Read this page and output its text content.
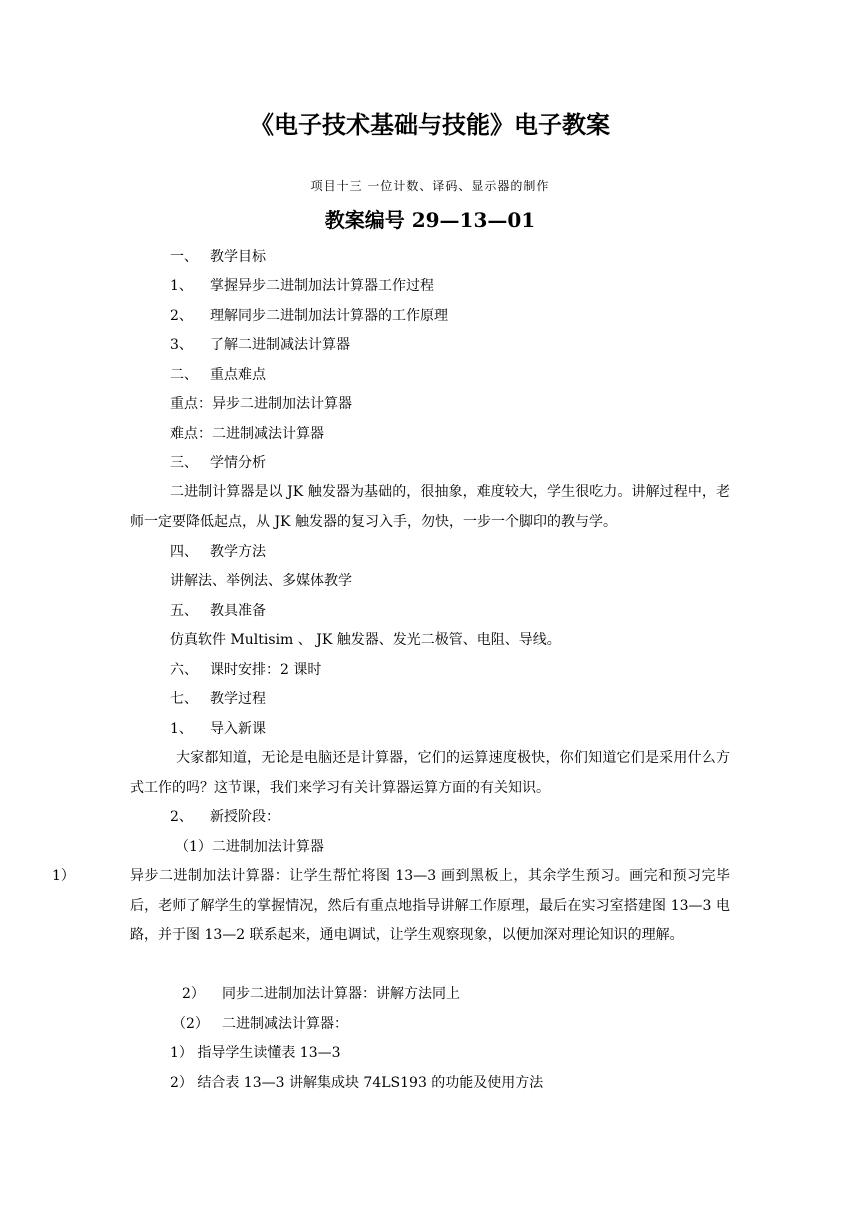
《电子技术基础与技能》电子教案
项目十三 一位计数、译码、显示器的制作
教案编号 29—13—01
一、 教学目标
1、 掌握异步二进制加法计算器工作过程
2、 理解同步二进制加法计算器的工作原理
3、 了解二进制减法计算器
二、 重点难点
重点：异步二进制加法计算器
难点：二进制减法计算器
三、 学情分析
二进制计算器是以 JK 触发器为基础的，很抽象，难度较大，学生很吃力。讲解过程中，老师一定要降低起点，从 JK 触发器的复习入手，勿快，一步一个脚印的教与学。
四、 教学方法
讲解法、举例法、多媒体教学
五、 教具准备
仿真软件 Multisim 、 JK 触发器、发光二极管、电阻、导线。
六、 课时安排：2 课时
七、 教学过程
1、 导入新课
大家都知道，无论是电脑还是计算器，它们的运算速度极快，你们知道它们是采用什么方式工作的吗？这节课，我们来学习有关计算器运算方面的有关知识。
2、 新授阶段：
（1）二进制加法计算器
1）	异步二进制加法计算器：让学生帮忙将图 13—3 画到黑板上，其余学生预习。画完和预习完毕后，老师了解学生的掌握情况，然后有重点地指导讲解工作原理，最后在实习室搭建图 13—3 电路，并于图 13—2 联系起来，通电调试，让学生观察现象，以便加深对理论知识的理解。
2） 同步二进制加法计算器：讲解方法同上
（2） 二进制减法计算器：
1） 指导学生读懂表 13—3
2） 结合表 13—3 讲解集成块 74LS193 的功能及使用方法
